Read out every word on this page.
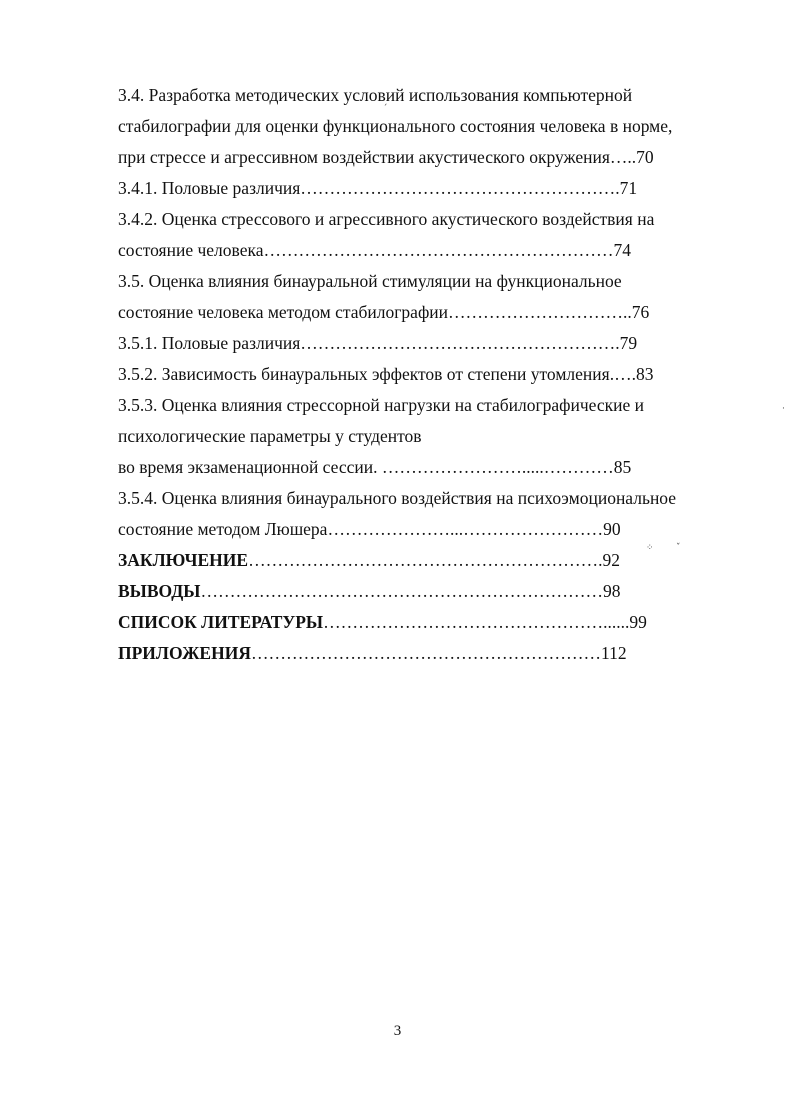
3.4. Разработка методических условий использования компьютерной
стабилографии для оценки функционального состояния человека в норме,
при стрессе и агрессивном воздействии акустического окружения…..70
3.4.1. Половые различия……………………………………………….71
3.4.2. Оценка стрессового и агрессивного акустического воздействия на
состояние человека……………………………………………………74
3.5. Оценка влияния бинауральной стимуляции на функциональное
состояние человека методом стабилографии…………………………..76
3.5.1. Половые различия……………………………………………….79
3.5.2. Зависимость бинауральных эффектов от степени утомления.….83
3.5.3. Оценка влияния стрессорной нагрузки на стабилографические и
психологические параметры у студентов
во время экзаменационной сессии. …………………….....…………85
3.5.4. Оценка влияния бинаурального воздействия на психоэмоциональное
состояние методом Люшера…………………...……………………90
ЗАКЛЮЧЕНИЕ…………………………………………………….92
ВЫВОДЫ……………………………………………………………98
СПИСОК ЛИТЕРАТУРЫ…………………………………………......99
ПРИЛОЖЕНИЯ……………………………………………………112
ˊ
⁘ ˇ
·
3
